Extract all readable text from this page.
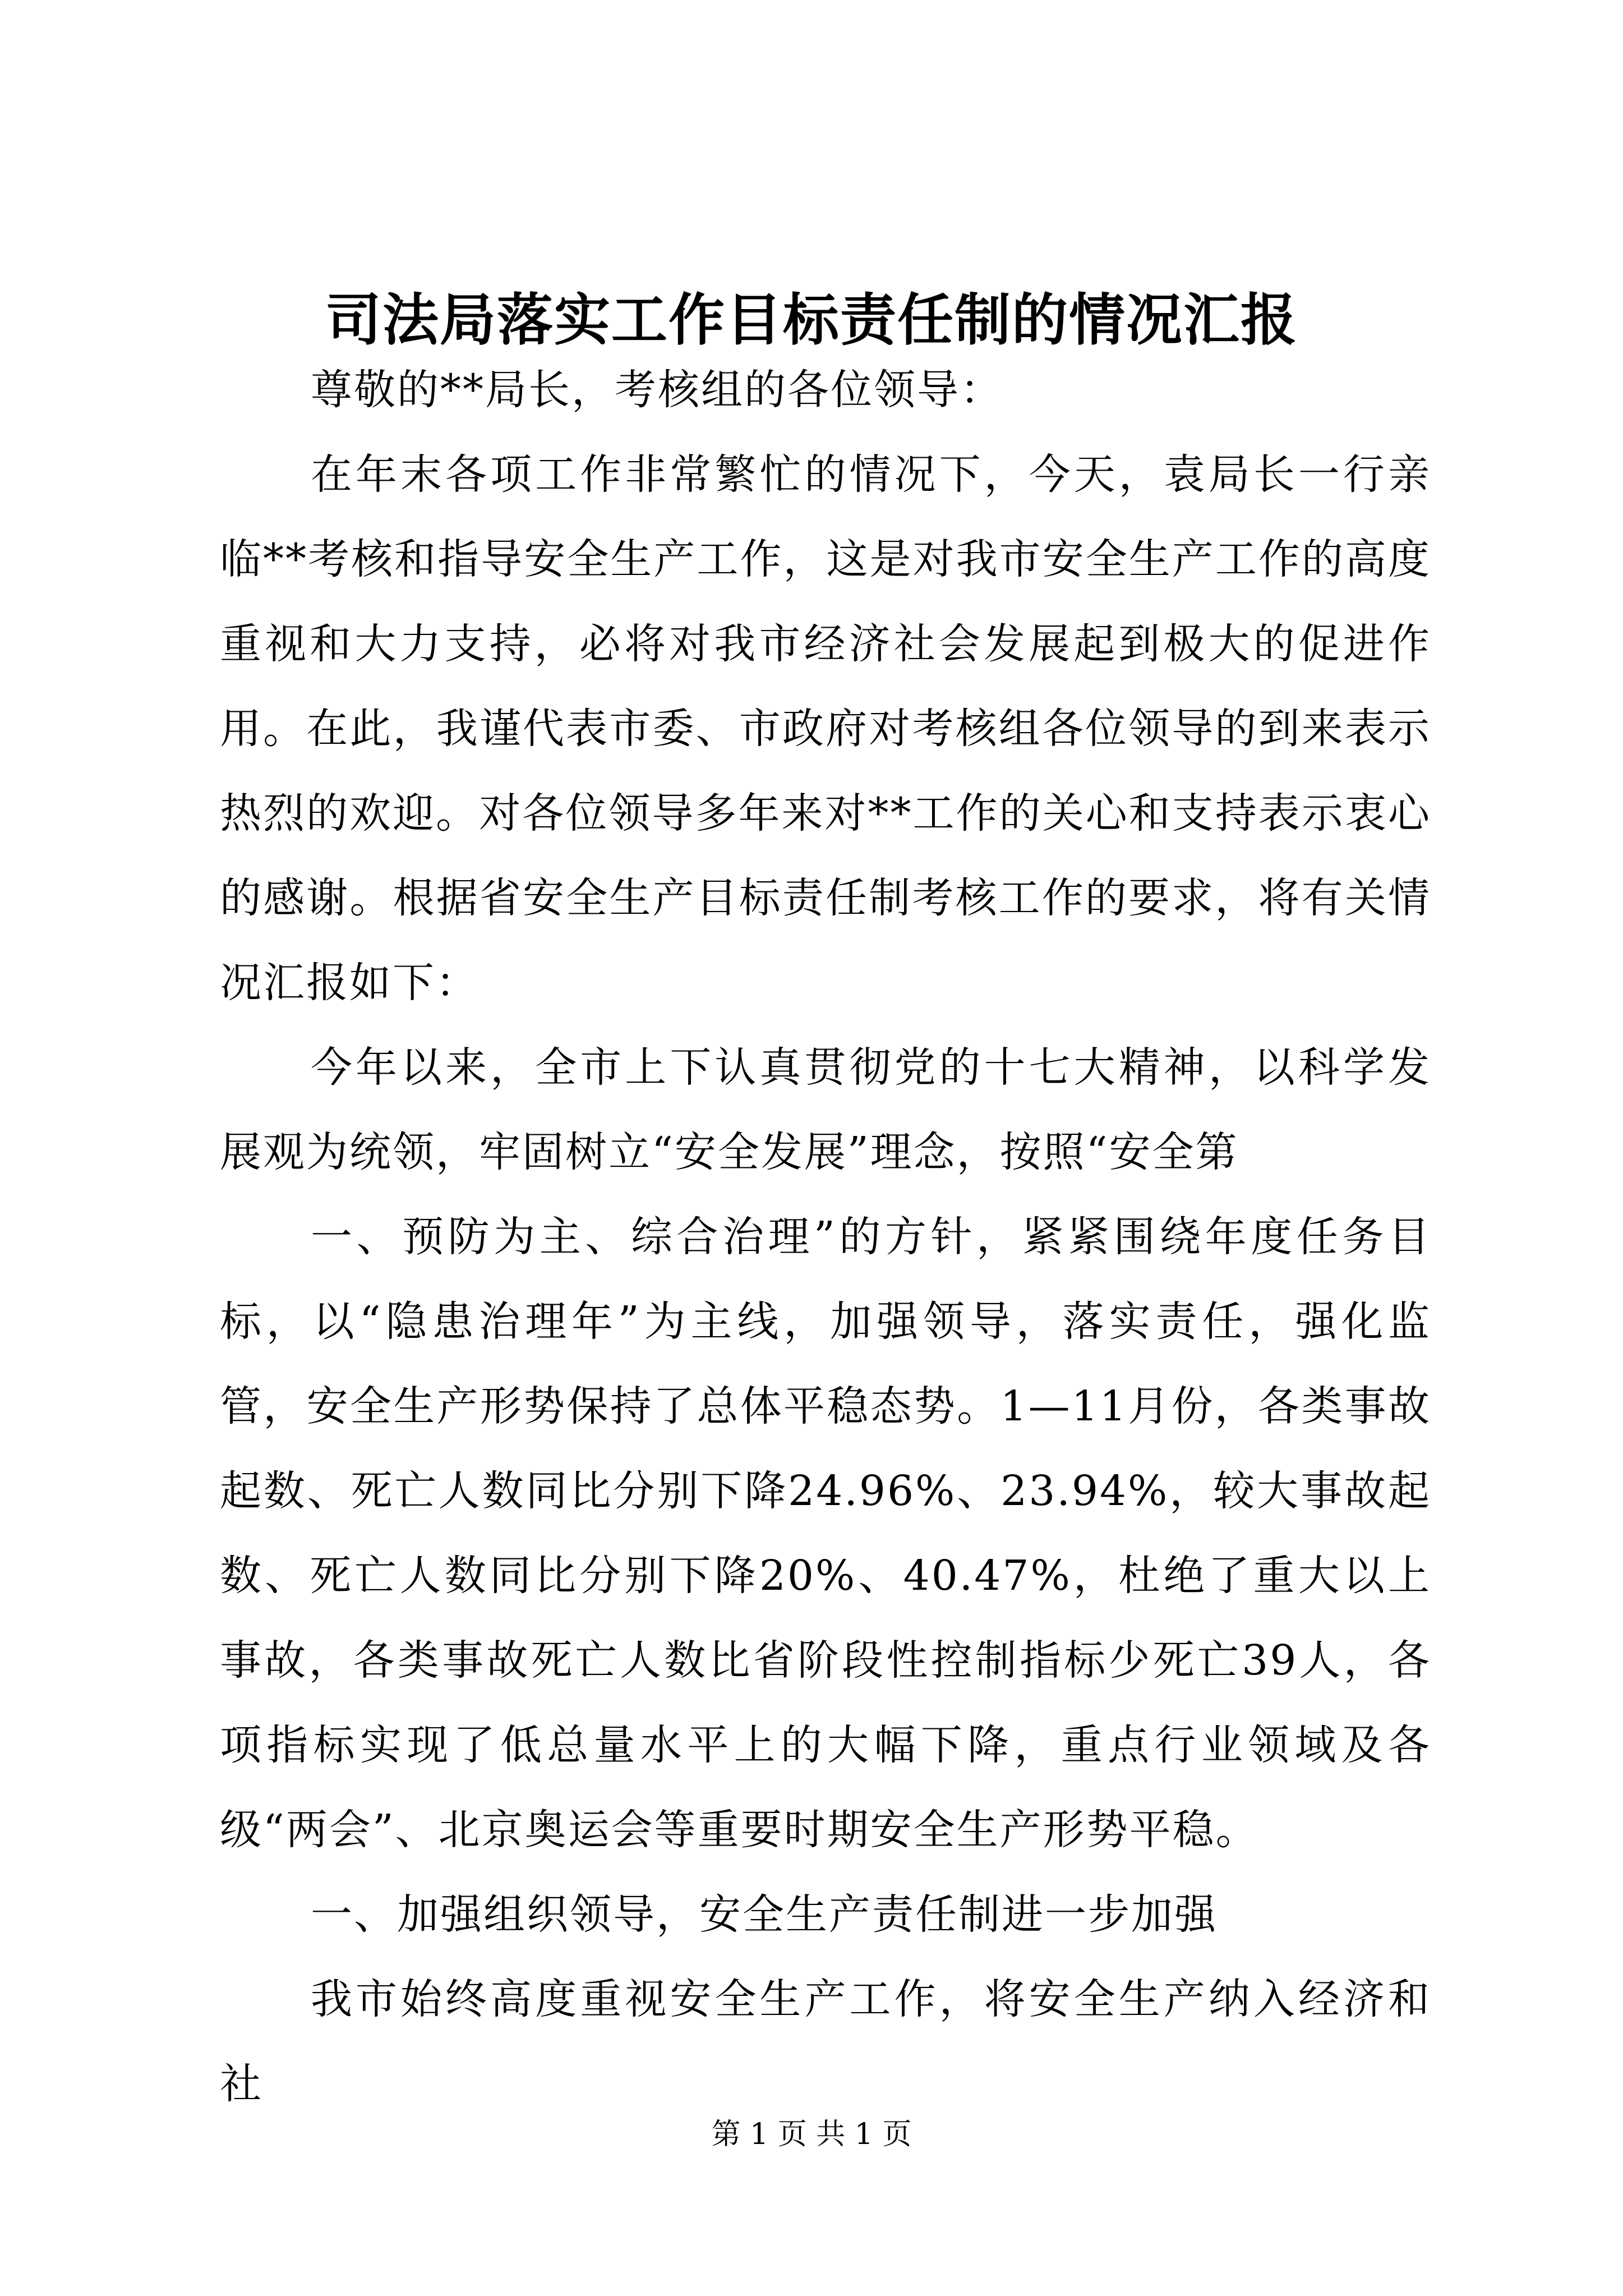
司法局落实工作目标责任制的情况汇报

尊敬的**局长，考核组的各位领导：

在年末各项工作非常繁忙的情况下，今天，袁局长一行亲临**考核和指导安全生产工作，这是对我市安全生产工作的高度重视和大力支持，必将对我市经济社会发展起到极大的促进作用。在此，我谨代表市委、市政府对考核组各位领导的到来表示热烈的欢迎。对各位领导多年来对**工作的关心和支持表示衷心的感谢。根据省安全生产目标责任制考核工作的要求，将有关情况汇报如下：

今年以来，全市上下认真贯彻党的十七大精神，以科学发展观为统领，牢固树立“安全发展”理念，按照“安全第

一、预防为主、综合治理”的方针，紧紧围绕年度任务目标，以“隐患治理年”为主线，加强领导，落实责任，强化监管，安全生产形势保持了总体平稳态势。1—11月份，各类事故起数、死亡人数同比分别下降24.96%、23.94%，较大事故起数、死亡人数同比分别下降20%、40.47%，杜绝了重大以上事故，各类事故死亡人数比省阶段性控制指标少死亡39人，各项指标实现了低总量水平上的大幅下降，重点行业领域及各级“两会”、北京奥运会等重要时期安全生产形势平稳。

一、加强组织领导，安全生产责任制进一步加强

我市始终高度重视安全生产工作，将安全生产纳入经济和社

第 1 页 共 1 页
